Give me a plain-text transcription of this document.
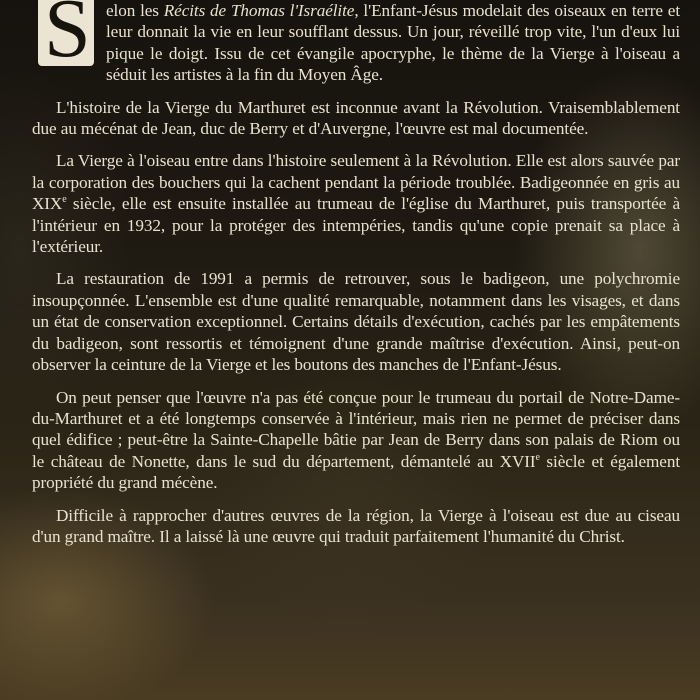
S elon les Récits de Thomas l'Israélite, l'Enfant-Jésus modelait des oiseaux en terre et leur donnait la vie en leur soufflant dessus. Un jour, réveillé trop vite, l'un d'eux lui pique le doigt. Issu de cet évangile apocryphe, le thème de la Vierge à l'oiseau a séduit les artistes à la fin du Moyen Âge.

L'histoire de la Vierge du Marthuret est inconnue avant la Révolution. Vraisemblablement due au mécénat de Jean, duc de Berry et d'Auvergne, l'œuvre est mal documentée.

La Vierge à l'oiseau entre dans l'histoire seulement à la Révolution. Elle est alors sauvée par la corporation des bouchers qui la cachent pendant la période troublée. Badigeonnée en gris au XIXe siècle, elle est ensuite installée au trumeau de l'église du Marthuret, puis transportée à l'intérieur en 1932, pour la protéger des intempéries, tandis qu'une copie prenait sa place à l'extérieur.

La restauration de 1991 a permis de retrouver, sous le badigeon, une polychromie insoupçonnée. L'ensemble est d'une qualité remarquable, notamment dans les visages, et dans un état de conservation exceptionnel. Certains détails d'exécution, cachés par les empâtements du badigeon, sont ressortis et témoignent d'une grande maîtrise d'exécution. Ainsi, peut-on observer la ceinture de la Vierge et les boutons des manches de l'Enfant-Jésus.

On peut penser que l'œuvre n'a pas été conçue pour le trumeau du portail de Notre-Dame-du-Marthuret et a été longtemps conservée à l'intérieur, mais rien ne permet de préciser dans quel édifice ; peut-être la Sainte-Chapelle bâtie par Jean de Berry dans son palais de Riom ou le château de Nonette, dans le sud du département, démantelé au XVIIe siècle et également propriété du grand mécène.

Difficile à rapprocher d'autres œuvres de la région, la Vierge à l'oiseau est due au ciseau d'un grand maître. Il a laissé là une œuvre qui traduit parfaitement l'humanité du Christ.
